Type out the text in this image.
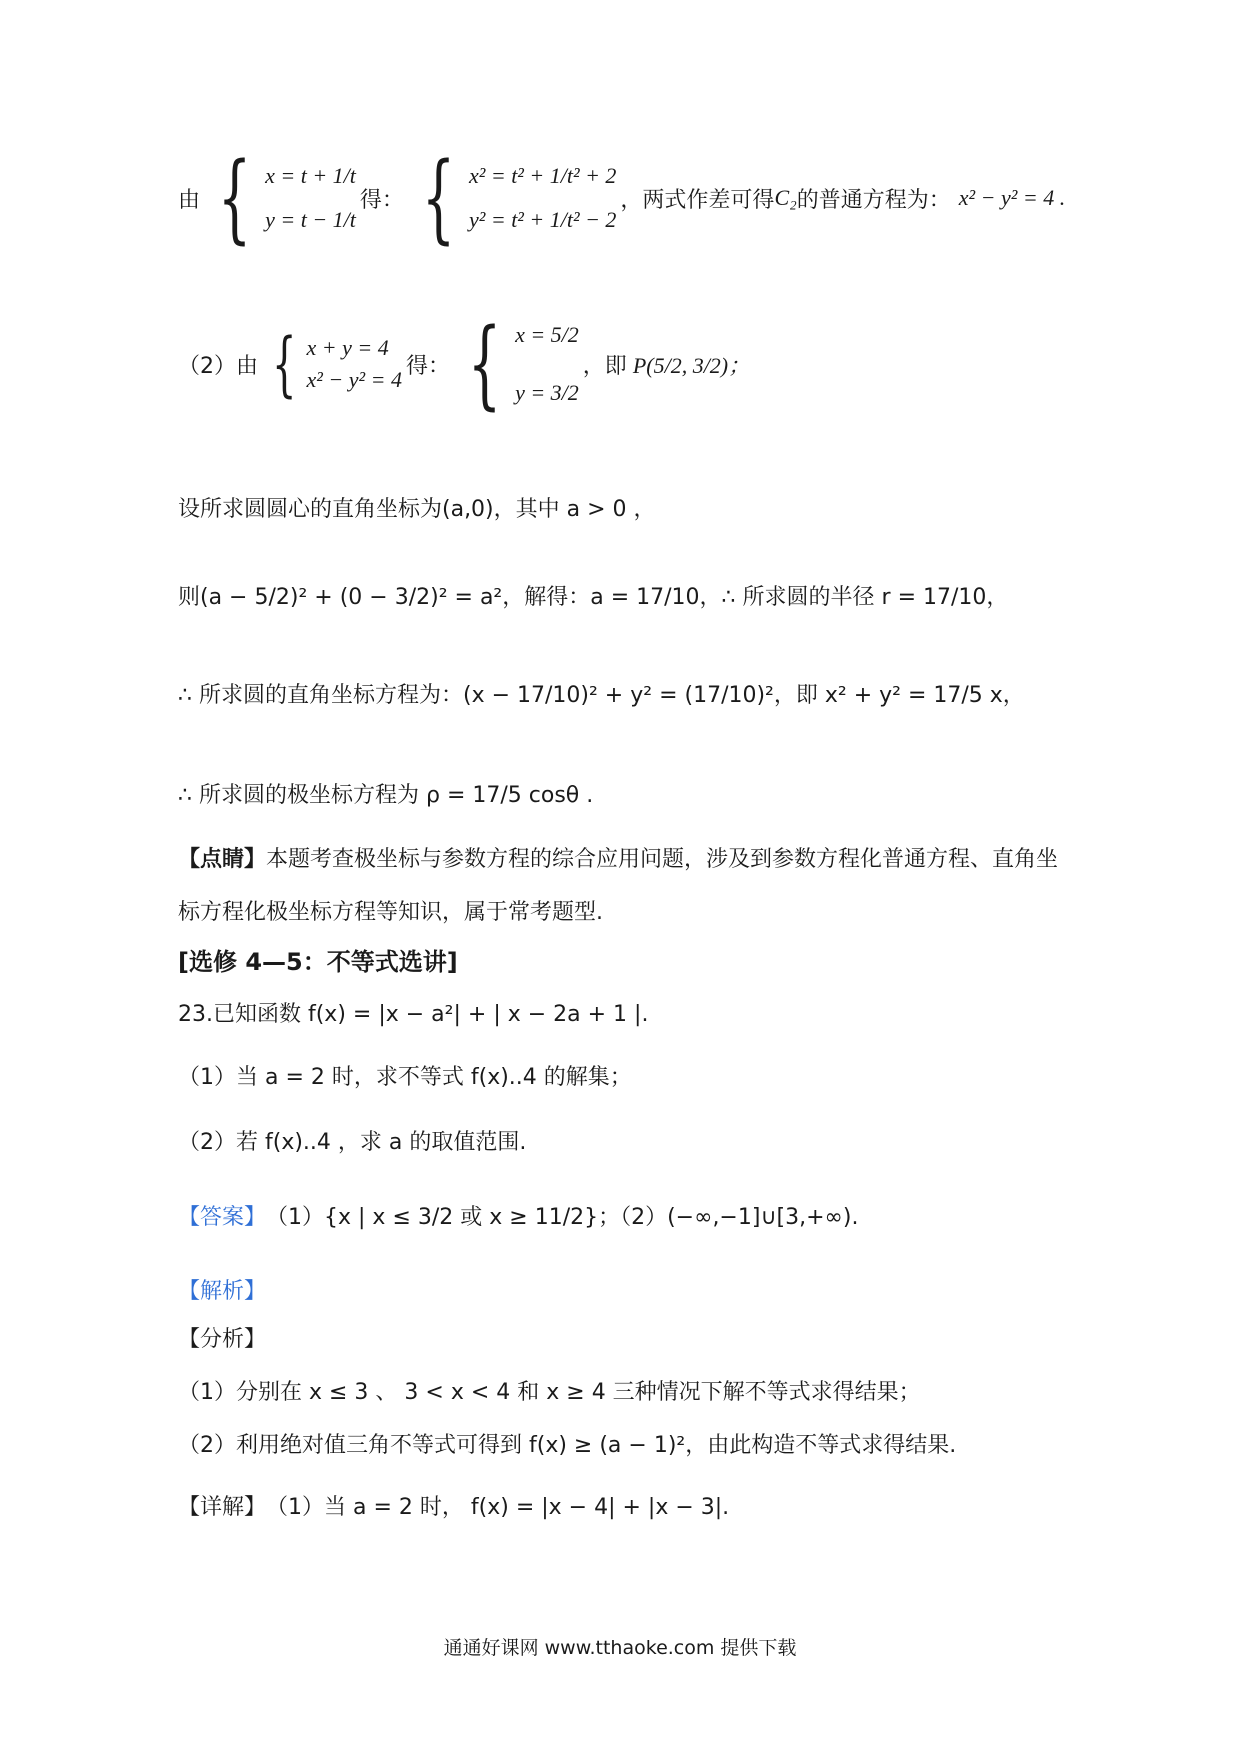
由 { x = t + 1/t
y = t − 1/t
得： { x² = t² + 1/t² + 2
y² = t² + 1/t² − 2
，两式作差可得 C₂ 的普通方程为： x² − y² = 4 .
（2）由 { x + y = 4
x² − y² = 4
得： { x = 5/2
y = 3/2
，即 P(5/2, 3/2)；
设所求圆圆心的直角坐标为(a,0)，其中 a > 0 ，
则(a − 5/2)² + (0 − 3/2)² = a²，解得：a = 17/10，∴ 所求圆的半径 r = 17/10，
∴ 所求圆的直角坐标方程为：(x − 17/10)² + y² = (17/10)²，即 x² + y² = 17/5 x，
∴ 所求圆的极坐标方程为 ρ = 17/5 cosθ .
【点睛】 本题考查极坐标与参数方程的综合应用问题，涉及到参数方程化普通方程、直角坐
标方程化极坐标方程等知识，属于常考题型.
[选修 4—5：不等式选讲]
23.已知函数 f(x) = |x − a²| + | x − 2a + 1 |.
（1）当 a = 2 时，求不等式 f(x)..4 的解集；
（2）若 f(x)..4 ，求 a 的取值范围.
【答案】 （1）{x | x ≤ 3/2 或 x ≥ 11/2}；（2）(−∞,−1]∪[3,+∞).
【解析】
【分析】
（1）分别在 x ≤ 3 、 3 < x < 4 和 x ≥ 4 三种情况下解不等式求得结果；
（2）利用绝对值三角不等式可得到 f(x) ≥ (a − 1)²，由此构造不等式求得结果.
【详解】 （1）当 a = 2 时， f(x) = |x − 4| + |x − 3|.
通通好课网 www.tthaoke.com 提供下载
